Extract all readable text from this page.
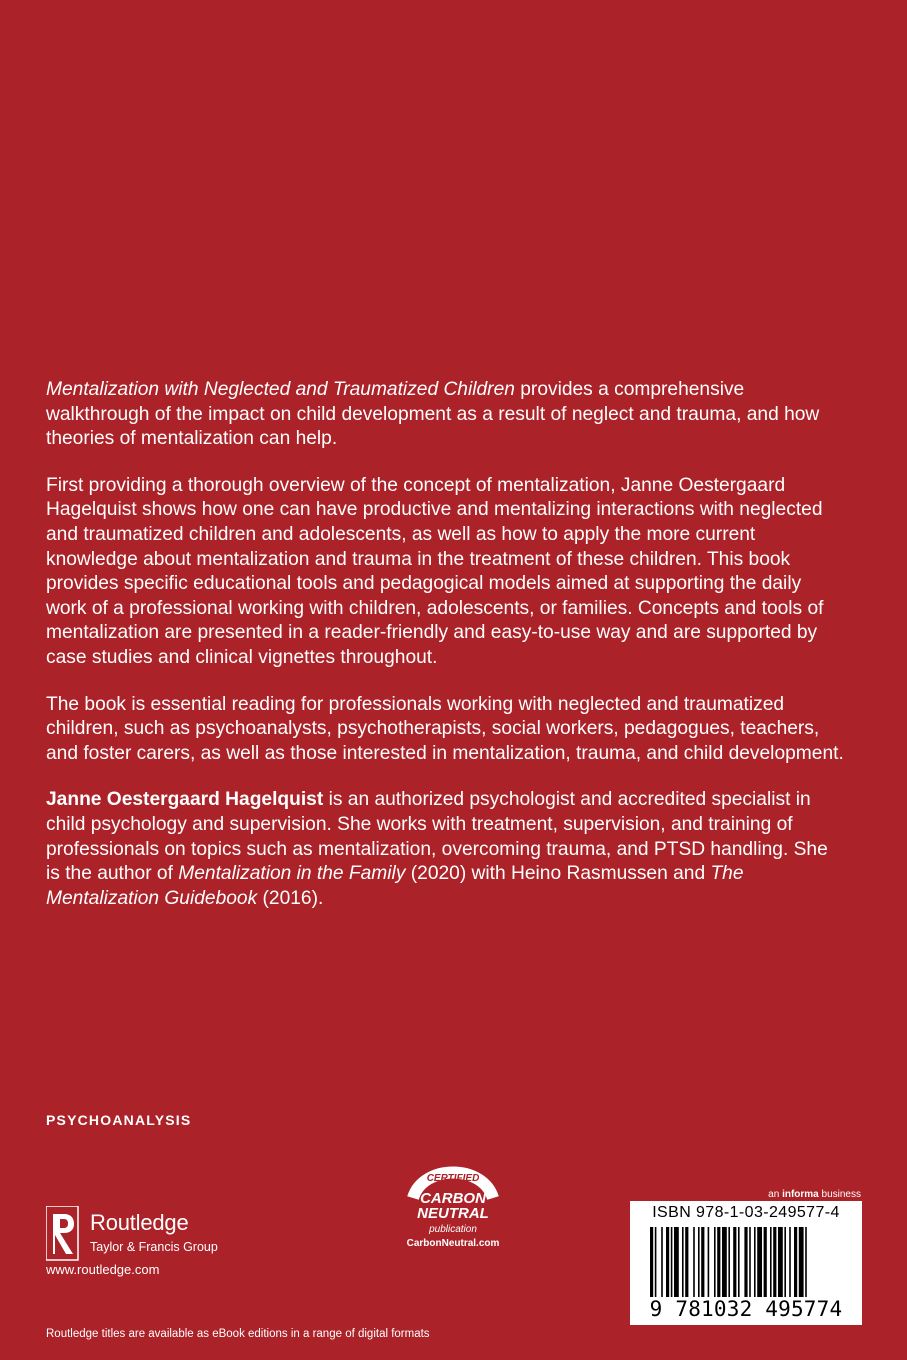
Mentalization with Neglected and Traumatized Children provides a comprehensive walkthrough of the impact on child development as a result of neglect and trauma, and how theories of mentalization can help.

First providing a thorough overview of the concept of mentalization, Janne Oestergaard Hagelquist shows how one can have productive and mentalizing interactions with neglected and traumatized children and adolescents, as well as how to apply the more current knowledge about mentalization and trauma in the treatment of these children. This book provides specific educational tools and pedagogical models aimed at supporting the daily work of a professional working with children, adolescents, or families. Concepts and tools of mentalization are presented in a reader-friendly and easy-to-use way and are supported by case studies and clinical vignettes throughout.

The book is essential reading for professionals working with neglected and traumatized children, such as psychoanalysts, psychotherapists, social workers, pedagogues, teachers, and foster carers, as well as those interested in mentalization, trauma, and child development.

Janne Oestergaard Hagelquist is an authorized psychologist and accredited specialist in child psychology and supervision. She works with treatment, supervision, and training of professionals on topics such as mentalization, overcoming trauma, and PTSD handling. She is the author of Mentalization in the Family (2020) with Heino Rasmussen and The Mentalization Guidebook (2016).

PSYCHOANALYSIS
Routledge
Taylor & Francis Group
www.routledge.com
CERTIFIED
CARBON
NEUTRAL
publication
CarbonNeutral.com
an informa business
ISBN 978-1-03-249577-4
9 781032 495774
Routledge titles are available as eBook editions in a range of digital formats
